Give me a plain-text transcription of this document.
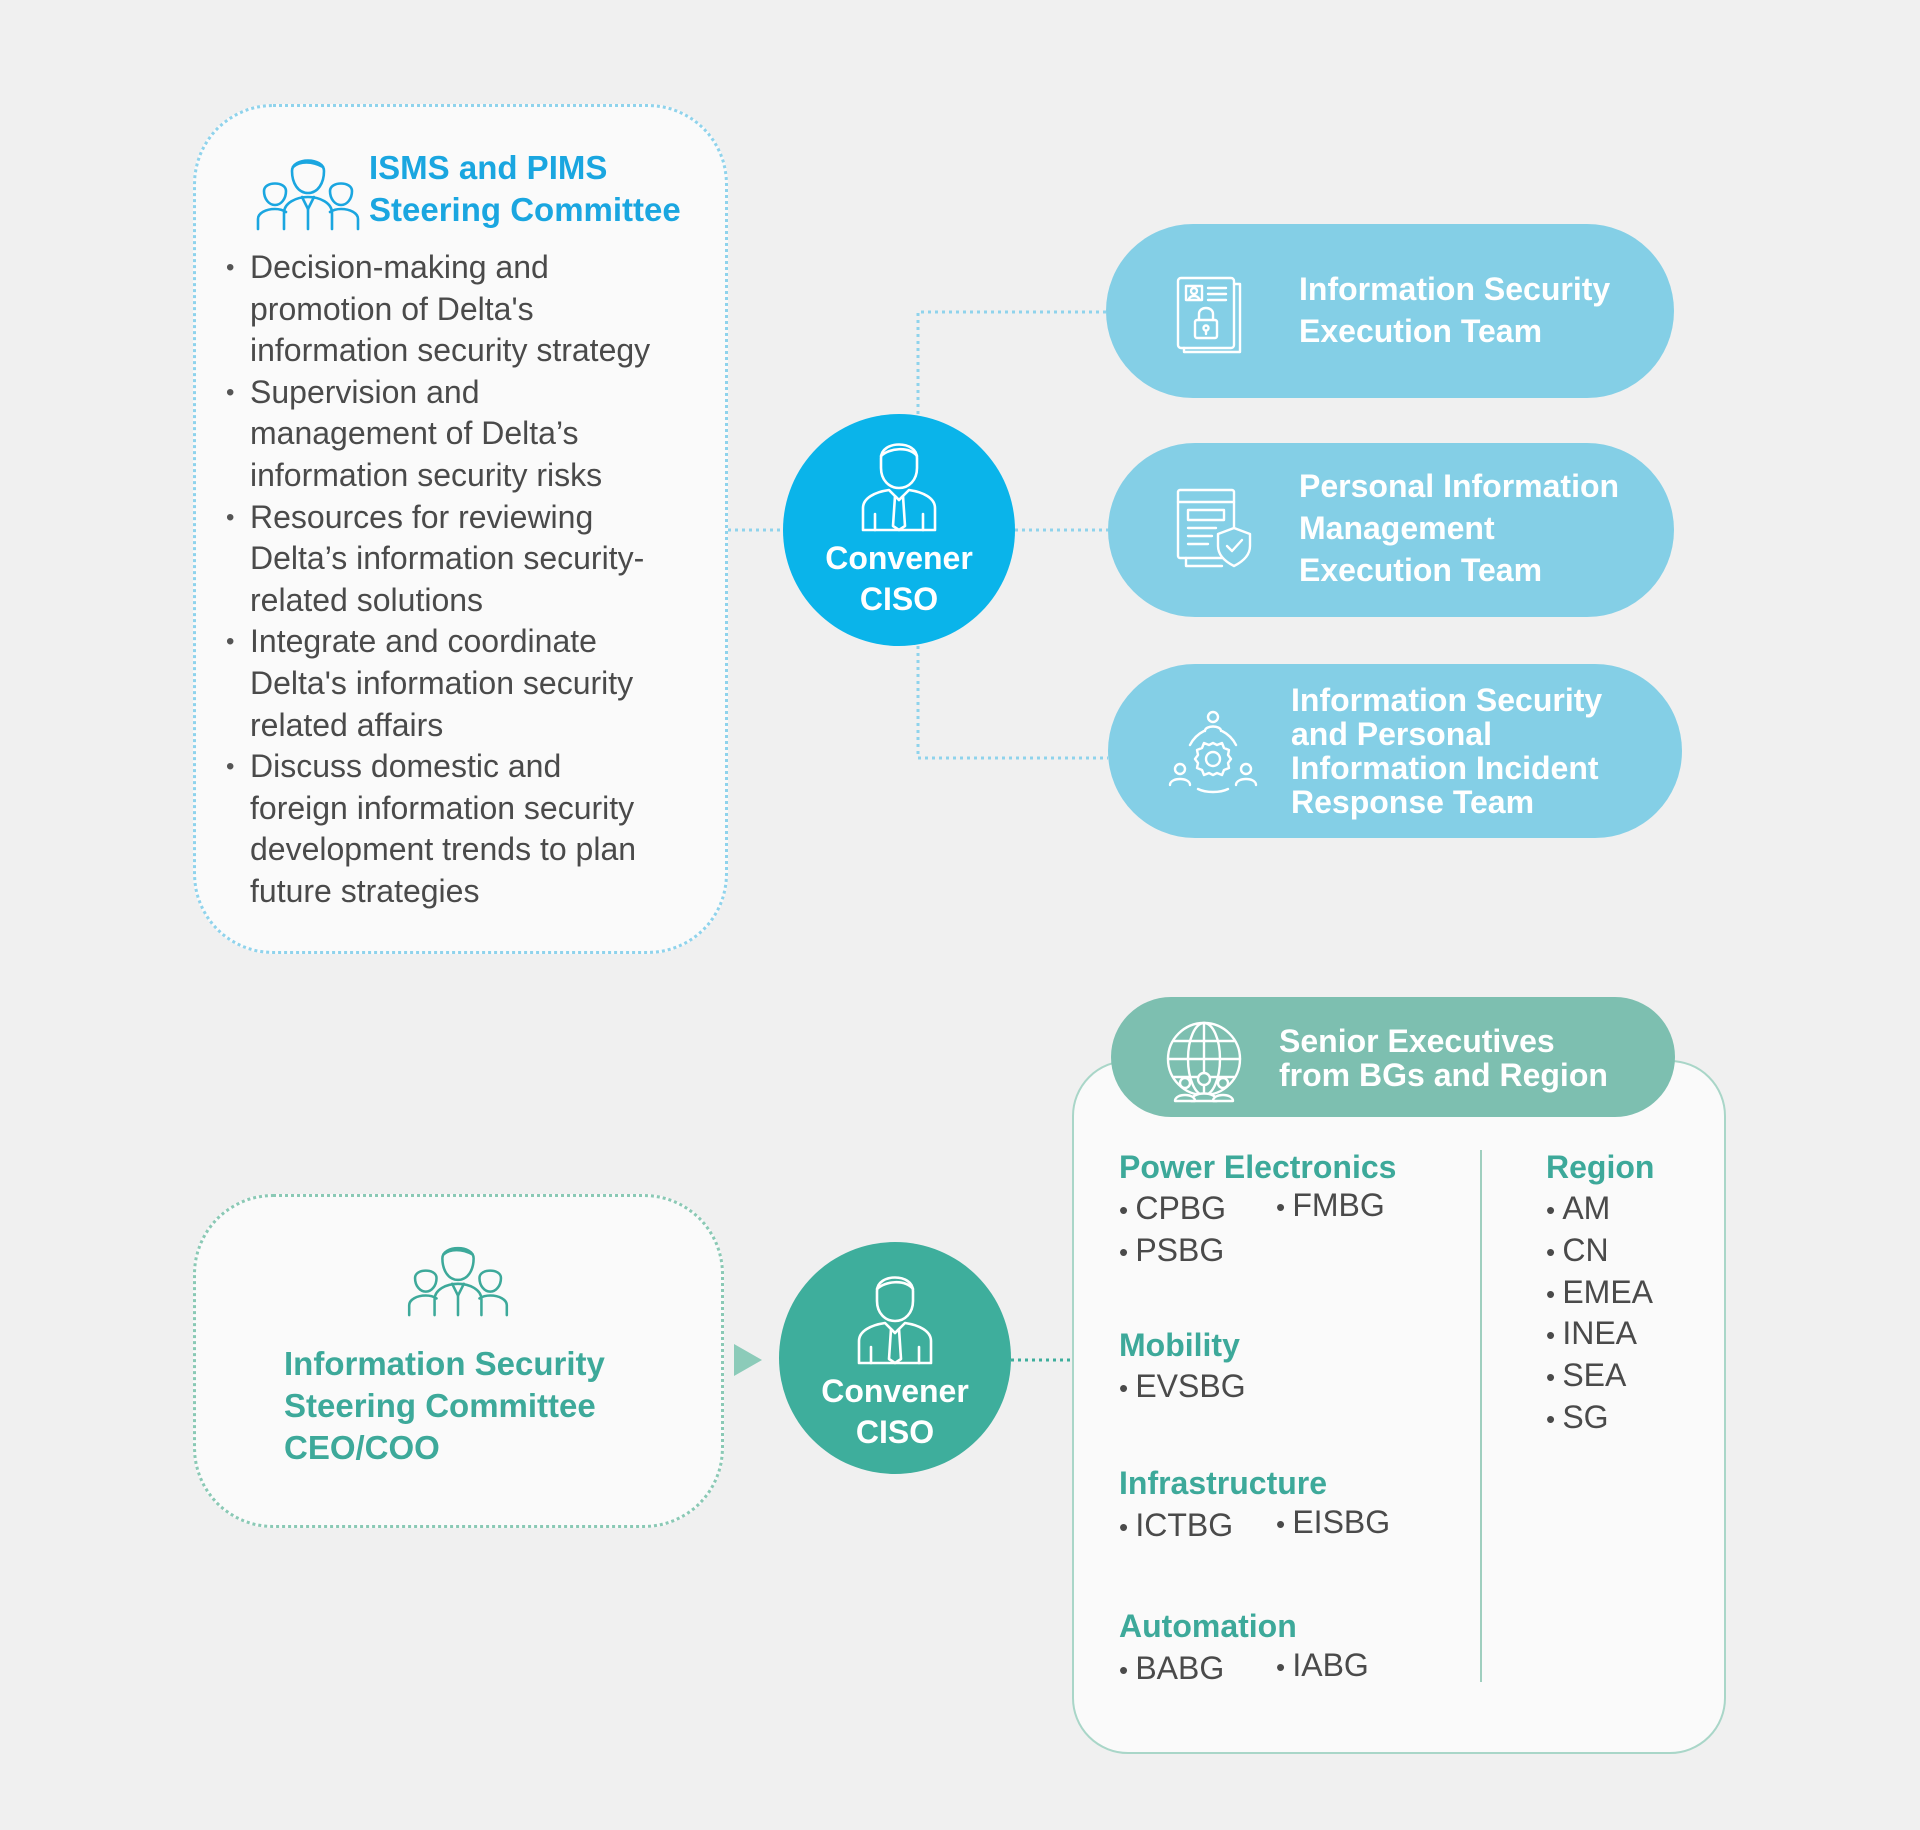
ISMS and PIMS
Steering Committee
• Decision-making and
promotion of Delta's
information security strategy
• Supervision and
management of Delta’s
information security risks
• Resources for reviewing
Delta’s information security-
related solutions
• Integrate and coordinate
Delta's information security
related affairs
• Discuss domestic and
foreign information security
development trends to plan
future strategies
Convener
CISO
Information Security
Execution Team
Personal Information
Management
Execution Team
Information Security
and Personal
Information Incident
Response Team
Information Security
Steering Committee
CEO/COO
Convener
CISO
Senior Executives
from BGs and Region
Power Electronics
• CPBG	• FMBG
• PSBG
Mobility
• EVSBG
Infrastructure
• ICTBG	• EISBG
Automation
• BABG	• IABG
Region
• AM
• CN
• EMEA
• INEA
• SEA
• SG
